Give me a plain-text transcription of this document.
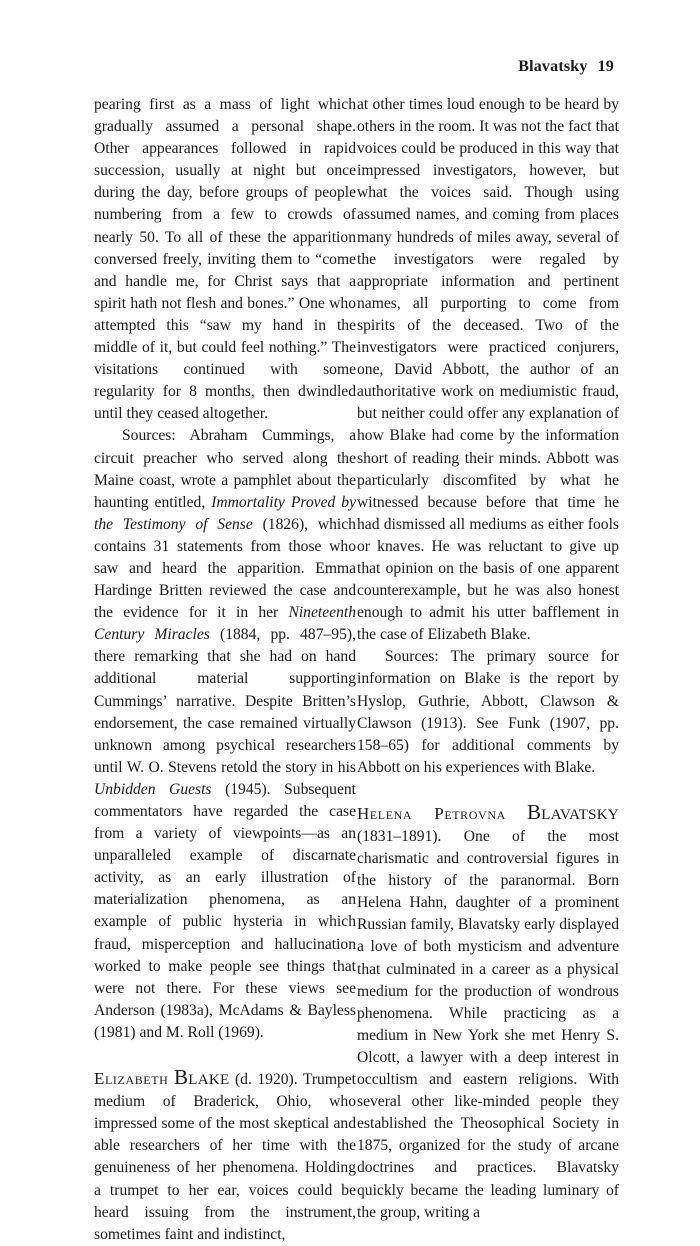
Blavatsky 19

pearing first as a mass of light which gradually assumed a personal shape. Other appearances followed in rapid succession, usually at night but once during the day, before groups of people numbering from a few to crowds of nearly 50. To all of these the apparition conversed freely, inviting them to “come and handle me, for Christ says that a spirit hath not flesh and bones.” One who attempted this “saw my hand in the middle of it, but could feel nothing.” The visitations continued with some regularity for 8 months, then dwindled until they ceased altogether.

Sources: Abraham Cummings, a circuit preacher who served along the Maine coast, wrote a pamphlet about the haunting entitled, Immortality Proved by the Testimony of Sense (1826), which contains 31 statements from those who saw and heard the apparition. Emma Hardinge Britten reviewed the case and the evidence for it in her Nineteenth Century Miracles (1884, pp. 487–95), there remarking that she had on hand additional material supporting Cummings’ narrative. Despite Britten’s endorsement, the case remained virtually unknown among psychical researchers until W. O. Stevens retold the story in his Unbidden Guests (1945). Subsequent commentators have regarded the case from a variety of viewpoints—as an unparalleled example of discarnate activity, as an early illustration of materialization phenomena, as an example of public hysteria in which fraud, misperception and hallucination worked to make people see things that were not there. For these views see Anderson (1983a), McAdams & Bayless (1981) and M. Roll (1969).

Elizabeth Blake (d. 1920). Trumpet medium of Braderick, Ohio, who impressed some of the most skeptical and able researchers of her time with the genuineness of her phenomena. Holding a trumpet to her ear, voices could be heard issuing from the instrument, sometimes faint and indistinct,

at other times loud enough to be heard by others in the room. It was not the fact that voices could be produced in this way that impressed investigators, however, but what the voices said. Though using assumed names, and coming from places many hundreds of miles away, several of the investigators were regaled by appropriate information and pertinent names, all purporting to come from spirits of the deceased. Two of the investigators were practiced conjurers, one, David Abbott, the author of an authoritative work on mediumistic fraud, but neither could offer any explanation of how Blake had come by the information short of reading their minds. Abbott was particularly discomfited by what he witnessed because before that time he had dismissed all mediums as either fools or knaves. He was reluctant to give up that opinion on the basis of one apparent counterexample, but he was also honest enough to admit his utter bafflement in the case of Elizabeth Blake.

Sources: The primary source for information on Blake is the report by Hyslop, Guthrie, Abbott, Clawson & Clawson (1913). See Funk (1907, pp. 158–65) for additional comments by Abbott on his experiences with Blake.

Helena Petrovna Blavatsky (1831–1891). One of the most charismatic and controversial figures in the history of the paranormal. Born Helena Hahn, daughter of a prominent Russian family, Blavatsky early displayed a love of both mysticism and adventure that culminated in a career as a physical medium for the production of wondrous phenomena. While practicing as a medium in New York she met Henry S. Olcott, a lawyer with a deep interest in occultism and eastern religions. With several other like-minded people they established the Theosophical Society in 1875, organized for the study of arcane doctrines and practices. Blavatsky quickly became the leading luminary of the group, writing a
